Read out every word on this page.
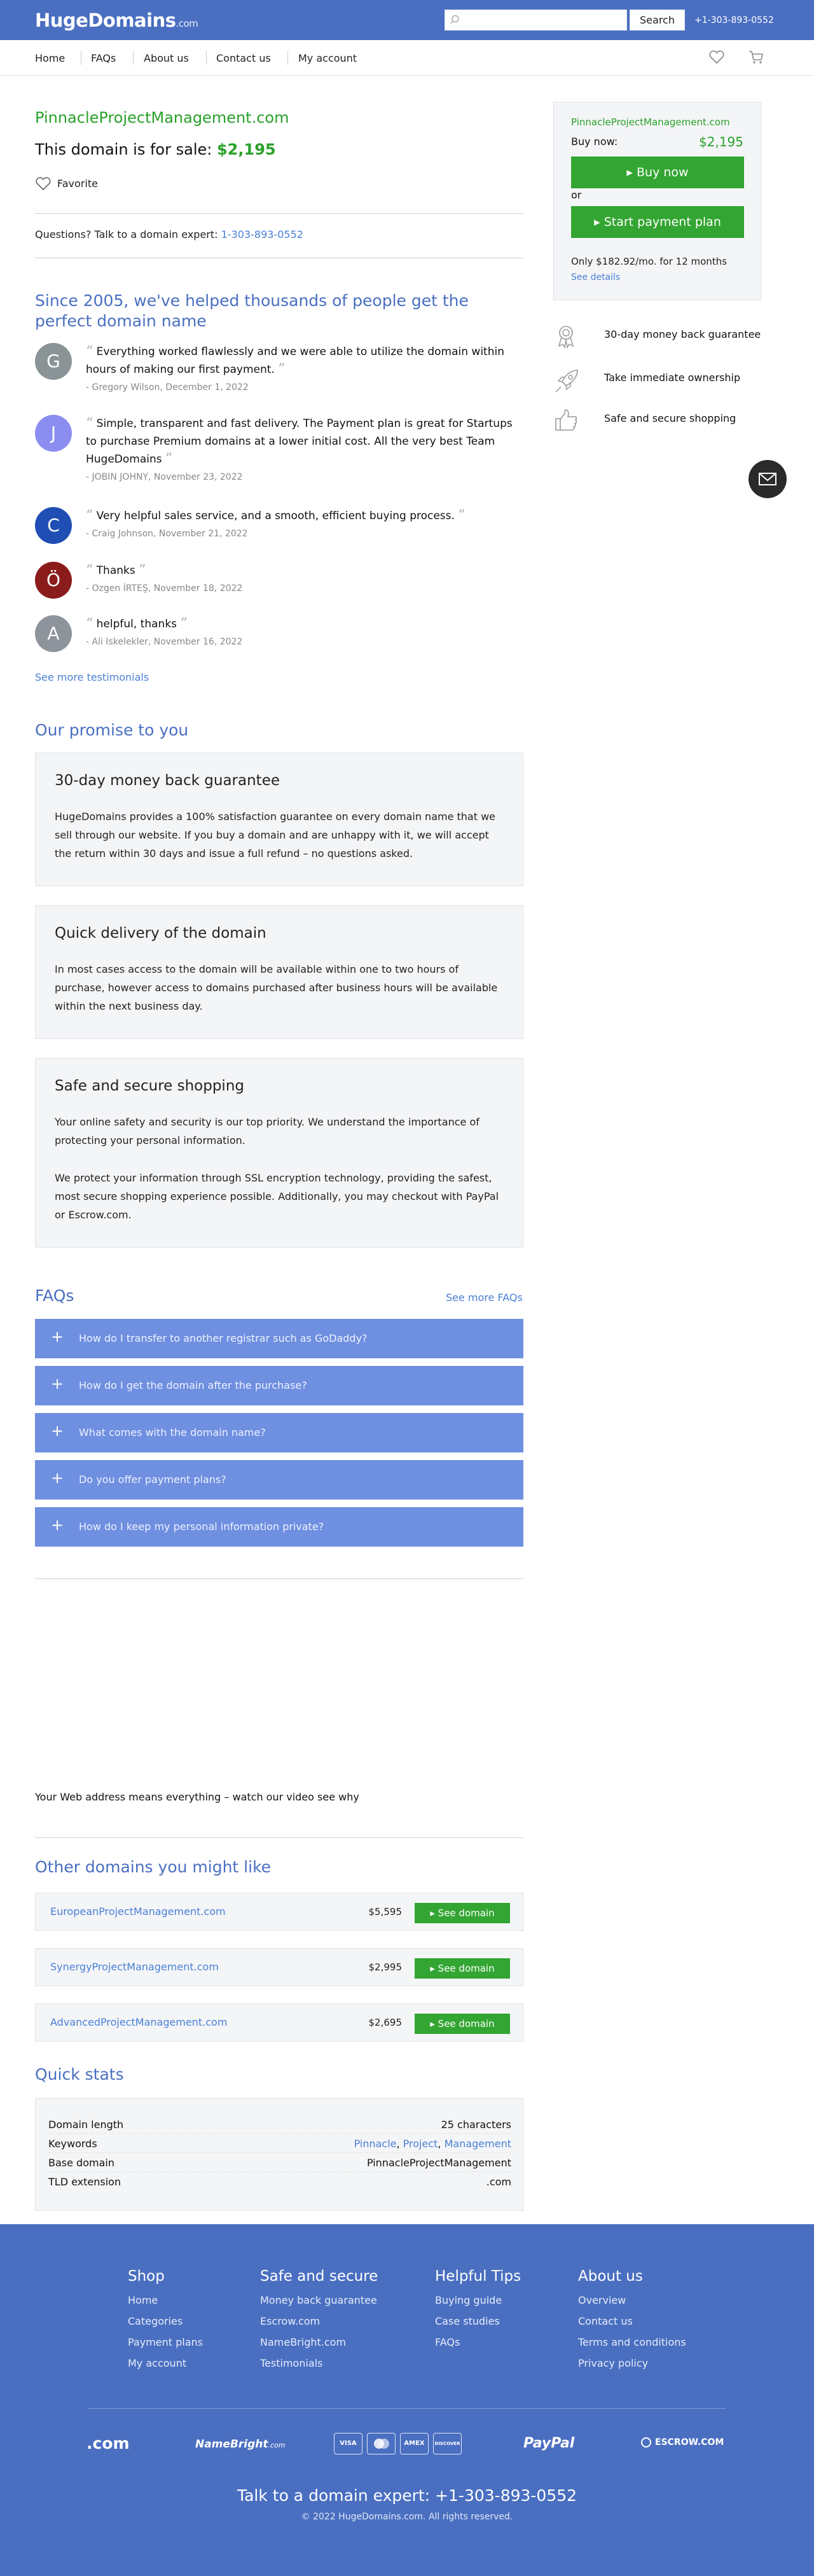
HugeDomains.com	Search	+1-303-893-0552
Home	FAQs	About us	Contact us	My account
PinnacleProjectManagement.com
This domain is for sale: $2,195
Favorite
Questions? Talk to a domain expert: 1-303-893-0552
PinnacleProjectManagement.com
Buy now:	$2,195
▸ Buy now
or
▸ Start payment plan
Only $182.92/mo. for 12 months
See details
30-day money back guarantee
Take immediate ownership
Safe and secure shopping
Since 2005, we've helped thousands of people get the perfect domain name
G	“ Everything worked flawlessly and we were able to utilize the domain within hours of making our first payment. ”
- Gregory Wilson, December 1, 2022
J	“ Simple, transparent and fast delivery. The Payment plan is great for Startups to purchase Premium domains at a lower initial cost. All the very best Team HugeDomains ”
- JOBIN JOHNY, November 23, 2022
C	“ Very helpful sales service, and a smooth, efficient buying process. ”
- Craig Johnson, November 21, 2022
Ö	“ Thanks ”
- Ozgen İRTEŞ, November 18, 2022
A	“ helpful, thanks ”
- Ali Iskelekler, November 16, 2022
See more testimonials
Our promise to you
30-day money back guarantee

HugeDomains provides a 100% satisfaction guarantee on every domain name that we sell through our website. If you buy a domain and are unhappy with it, we will accept the return within 30 days and issue a full refund – no questions asked.

Quick delivery of the domain

In most cases access to the domain will be available within one to two hours of purchase, however access to domains purchased after business hours will be available within the next business day.

Safe and secure shopping

Your online safety and security is our top priority. We understand the importance of protecting your personal information.

We protect your information through SSL encryption technology, providing the safest, most secure shopping experience possible. Additionally, you may checkout with PayPal or Escrow.com.

FAQs	See more FAQs
+ How do I transfer to another registrar such as GoDaddy?
+ How do I get the domain after the purchase?
+ What comes with the domain name?
+ Do you offer payment plans?
+ How do I keep my personal information private?
Your Web address means everything – watch our video see why
Other domains you might like
EuropeanProjectManagement.com	$5,595	▸ See domain
SynergyProjectManagement.com	$2,995	▸ See domain
AdvancedProjectManagement.com	$2,695	▸ See domain
Quick stats
Domain length	25 characters
Keywords	Pinnacle, Project, Management
Base domain	PinnacleProjectManagement
TLD extension	.com
Shop
Home
Categories
Payment plans
My account
Safe and secure
Money back guarantee
Escrow.com
NameBright.com
Testimonials
Helpful Tips
Buying guide
Case studies
FAQs
About us
Overview
Contact us
Terms and conditions
Privacy policy
.com	NameBright.com	VISA	AMEX	DISCOVER	PayPal	ESCROW.COM
Talk to a domain expert: +1-303-893-0552
© 2022 HugeDomains.com. All rights reserved.
